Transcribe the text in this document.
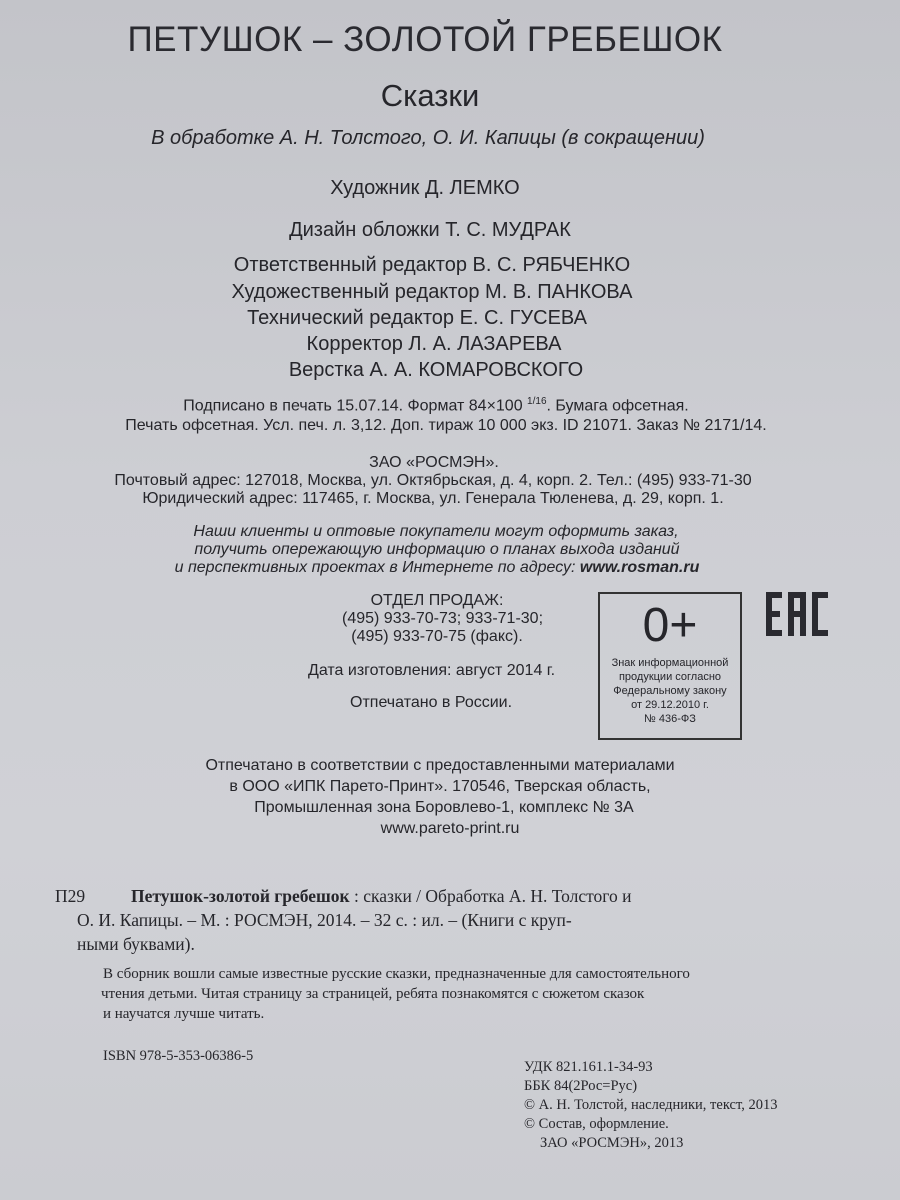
ПЕТУШОК – ЗОЛОТОЙ ГРЕБЕШОК
Сказки
В обработке А. Н. Толстого, О. И. Капицы (в сокращении)
Художник Д. ЛЕМКО
Дизайн обложки Т. С. МУДРАК
Ответственный редактор В. С. РЯБЧЕНКО
Художественный редактор М. В. ПАНКОВА
Технический редактор Е. С. ГУСЕВА
Корректор Л. А. ЛАЗАРЕВА
Верстка А. А. КОМАРОВСКОГО
Подписано в печать 15.07.14. Формат 84×100 $^{1/16}$. Бумага офсетная.
Печать офсетная. Усл. печ. л. 3,12. Доп. тираж 10 000 экз. ID 21071. Заказ № 2171/14.
ЗАО «РОСМЭН».
Почтовый адрес: 127018, Москва, ул. Октябрьская, д. 4, корп. 2. Тел.: (495) 933-71-30
Юридический адрес: 117465, г. Москва, ул. Генерала Тюленева, д. 29, корп. 1.
Наши клиенты и оптовые покупатели могут оформить заказ,
получить опережающую информацию о планах выхода изданий
и перспективных проектах в Интернете по адресу: www.rosman.ru
ОТДЕЛ ПРОДАЖ:
(495) 933-70-73; 933-71-30;
(495) 933-70-75 (факс).
Дата изготовления: август 2014 г.
Отпечатано в России.
0+
Знак информационной
продукции согласно
Федеральному закону
от 29.12.2010 г.
№ 436-ФЗ
Отпечатано в соответствии с предоставленными материалами
в ООО «ИПК Парето-Принт». 170546, Тверская область,
Промышленная зона Боровлево-1, комплекс № 3А
www.pareto-print.ru
П29	Петушок-золотой гребешок : сказки / Обработка А. Н. Толстого и
О. И. Капицы. – М. : РОСМЭН, 2014. – 32 с. : ил. – (Книги с круп-
ными буквами).
В сборник вошли самые известные русские сказки, предназначенные для самостоятельного
чтения детьми. Читая страницу за страницей, ребята познакомятся с сюжетом сказок
и научатся лучше читать.
ISBN 978-5-353-06386-5
УДК 821.161.1-34-93
ББК 84(2Рос=Рус)
© А. Н. Толстой, наследники, текст, 2013
© Состав, оформление.
ЗАО «РОСМЭН», 2013
